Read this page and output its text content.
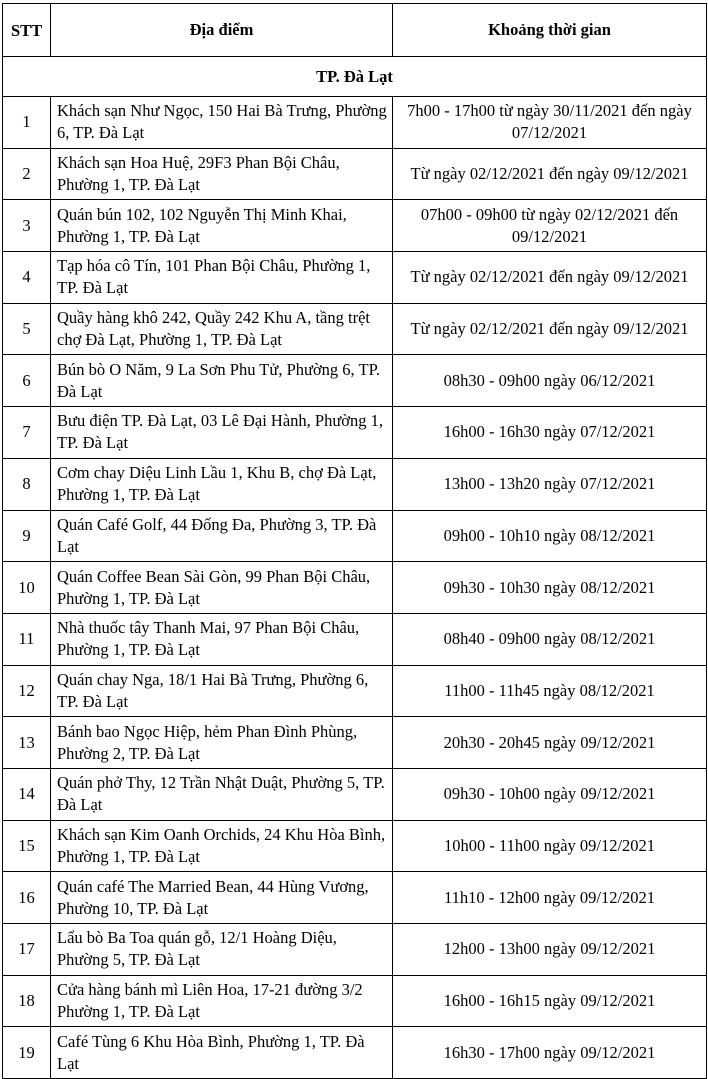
STT	Địa điểm	Khoảng thời gian
TP. Đà Lạt		
1	Khách sạn Như Ngọc, 150 Hai Bà Trưng, Phường 6, TP. Đà Lạt	7h00 - 17h00 từ ngày 30/11/2021 đến ngày 07/12/2021
2	Khách sạn Hoa Huệ, 29F3 Phan Bội Châu, Phường 1, TP. Đà Lạt	Từ ngày 02/12/2021 đến ngày 09/12/2021
3	Quán bún 102, 102 Nguyễn Thị Minh Khai, Phường 1, TP. Đà Lạt	07h00 - 09h00 từ ngày 02/12/2021 đến 09/12/2021
4	Tạp hóa cô Tín, 101 Phan Bội Châu, Phường 1, TP. Đà Lạt	Từ ngày 02/12/2021 đến ngày 09/12/2021
5	Quầy hàng khô 242, Quầy 242 Khu A, tầng trệt chợ Đà Lạt, Phường 1, TP. Đà Lạt	Từ ngày 02/12/2021 đến ngày 09/12/2021
6	Bún bò O Năm, 9 La Sơn Phu Tử, Phường 6, TP. Đà Lạt	08h30 - 09h00 ngày 06/12/2021
7	Bưu điện TP. Đà Lạt, 03 Lê Đại Hành, Phường 1, TP. Đà Lạt	16h00 - 16h30 ngày 07/12/2021
8	Cơm chay Diệu Linh Lầu 1, Khu B, chợ Đà Lạt, Phường 1, TP. Đà Lạt	13h00 - 13h20 ngày 07/12/2021
9	Quán Café Golf, 44 Đống Đa, Phường 3, TP. Đà Lạt	09h00 - 10h10 ngày 08/12/2021
10	Quán Coffee Bean Sài Gòn, 99 Phan Bội Châu, Phường 1, TP. Đà Lạt	09h30 - 10h30 ngày 08/12/2021
11	Nhà thuốc tây Thanh Mai, 97 Phan Bội Châu, Phường 1, TP. Đà Lạt	08h40 - 09h00 ngày 08/12/2021
12	Quán chay Nga, 18/1 Hai Bà Trưng, Phường 6, TP. Đà Lạt	11h00 - 11h45 ngày 08/12/2021
13	Bánh bao Ngọc Hiệp, hẻm Phan Đình Phùng, Phường 2, TP. Đà Lạt	20h30 - 20h45 ngày 09/12/2021
14	Quán phở Thy, 12 Trần Nhật Duật, Phường 5, TP. Đà Lạt	09h30 - 10h00 ngày 09/12/2021
15	Khách sạn Kim Oanh Orchids, 24 Khu Hòa Bình, Phường 1, TP. Đà Lạt	10h00 - 11h00 ngày 09/12/2021
16	Quán café The Married Bean, 44 Hùng Vương, Phường 10, TP. Đà Lạt	11h10 - 12h00 ngày 09/12/2021
17	Lẩu bò Ba Toa quán gỗ, 12/1 Hoàng Diệu, Phường 5, TP. Đà Lạt	12h00 - 13h00 ngày 09/12/2021
18	Cửa hàng bánh mì Liên Hoa, 17-21 đường 3/2 Phường 1, TP. Đà Lạt	16h00 - 16h15 ngày 09/12/2021
19	Café Tùng 6 Khu Hòa Bình, Phường 1, TP. Đà Lạt	16h30 - 17h00 ngày 09/12/2021
